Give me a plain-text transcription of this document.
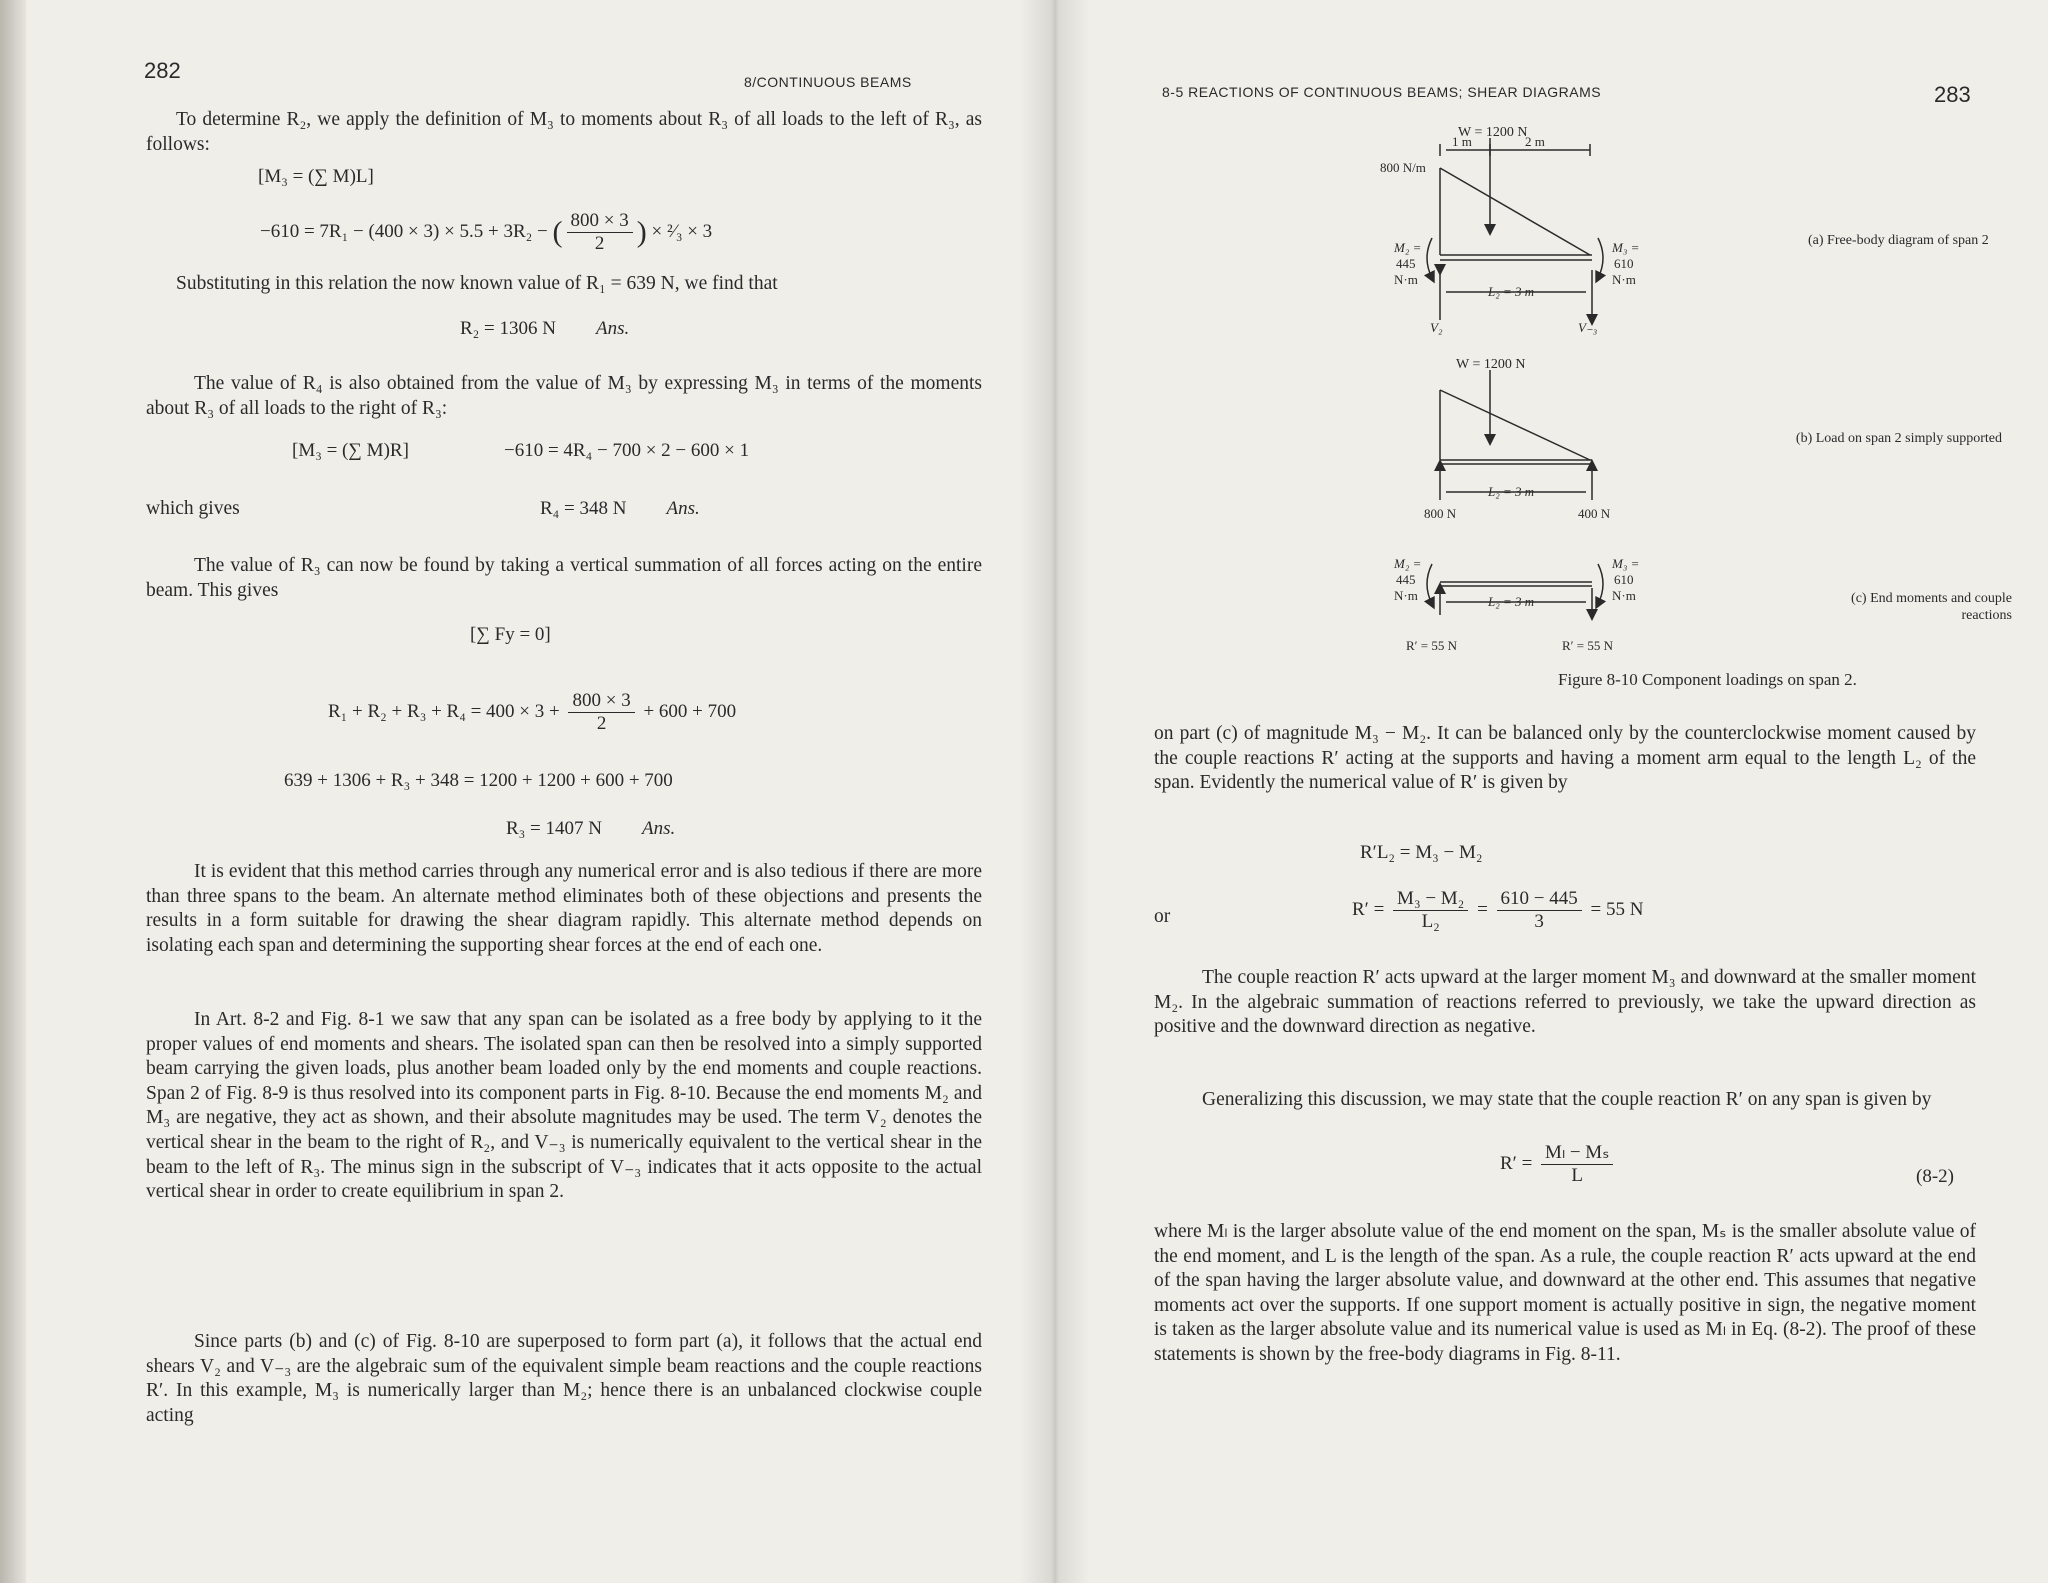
282	8/CONTINUOUS BEAMS

To determine R₂, we apply the definition of M₃ to moments about R₃ of all loads to the left of R₃, as follows:

[M₃ = (∑ M)L]
−610 = 7R₁ − (400 × 3) × 5.5 + 3R₂ − ( $\frac{800 \times 3}{2}$ ) × ²⁄₃ × 3

Substituting in this relation the now known value of R₁ = 639 N, we find that

R₂ = 1306 N Ans.

The value of R₄ is also obtained from the value of M₃ by expressing M₃ in terms of the moments about R₃ of all loads to the right of R₃:

[M₃ = (∑ M)R]	−610 = 4R₄ − 700 × 2 − 600 × 1
which gives	R₄ = 348 N Ans.

The value of R₃ can now be found by taking a vertical summation of all forces acting on the entire beam. This gives

[∑ Fy = 0]
$R_1 + R_2 + R_3 + R_4 = 400 \times 3 + \frac{800 \times 3}{2} + 600 + 700$
639 + 1306 + R₃ + 348 = 1200 + 1200 + 600 + 700
R₃ = 1407 N Ans.

It is evident that this method carries through any numerical error and is also tedious if there are more than three spans to the beam. An alternate method eliminates both of these objections and presents the results in a form suitable for drawing the shear diagram rapidly. This alternate method depends on isolating each span and determining the supporting shear forces at the end of each one.

In Art. 8-2 and Fig. 8-1 we saw that any span can be isolated as a free body by applying to it the proper values of end moments and shears. The isolated span can then be resolved into a simply supported beam carrying the given loads, plus another beam loaded only by the end moments and couple reactions. Span 2 of Fig. 8-9 is thus resolved into its component parts in Fig. 8-10. Because the end moments M₂ and M₃ are negative, they act as shown, and their absolute magnitudes may be used. The term V₂ denotes the vertical shear in the beam to the right of R₂, and V₋₃ is numerically equivalent to the vertical shear in the beam to the left of R₃. The minus sign in the subscript of V₋₃ indicates that it acts opposite to the actual vertical shear in order to create equilibrium in span 2.

Since parts (b) and (c) of Fig. 8-10 are superposed to form part (a), it follows that the actual end shears V₂ and V₋₃ are the algebraic sum of the equivalent simple beam reactions and the couple reactions R′. In this example, M₃ is numerically larger than M₂; hence there is an unbalanced clockwise couple acting

8-5 REACTIONS OF CONTINUOUS BEAMS; SHEAR DIAGRAMS	283
W = 1200 N
1 m	2 m
800 N/m
M₂ =
445
N·m
M₃ =
610
N·m
L₂ = 3 m
V₂	V₋₃
W = 1200 N
L₂ = 3 m
800 N	400 N
M₂ =
445
N·m
M₃ =
610
N·m
L₂ = 3 m
R′ = 55 N	R′ = 55 N
(a) Free-body diagram of span 2
(b) Load on span 2 simply supported
(c) End moments and couple reactions
Figure 8-10 Component loadings on span 2.

on part (c) of magnitude M₃ − M₂. It can be balanced only by the counterclockwise moment caused by the couple reactions R′ acting at the supports and having a moment arm equal to the length L₂ of the span. Evidently the numerical value of R′ is given by

R′L₂ = M₃ − M₂
or	$R' = \frac{\text{M₃ − M₂}}{\text{L₂}} = \frac{610 - 445}{3} = 55$ N

The couple reaction R′ acts upward at the larger moment M₃ and downward at the smaller moment M₂. In the algebraic summation of reactions referred to previously, we take the upward direction as positive and the downward direction as negative.

Generalizing this discussion, we may state that the couple reaction R′ on any span is given by

$R' = \frac{\text{Mₗ − Mₛ}}{L}$	(8-2)

where Mₗ is the larger absolute value of the end moment on the span, Mₛ is the smaller absolute value of the end moment, and L is the length of the span. As a rule, the couple reaction R′ acts upward at the end of the span having the larger absolute value, and downward at the other end. This assumes that negative moments act over the supports. If one support moment is actually positive in sign, the negative moment is taken as the larger absolute value and its numerical value is used as Mₗ in Eq. (8-2). The proof of these statements is shown by the free-body diagrams in Fig. 8-11.
